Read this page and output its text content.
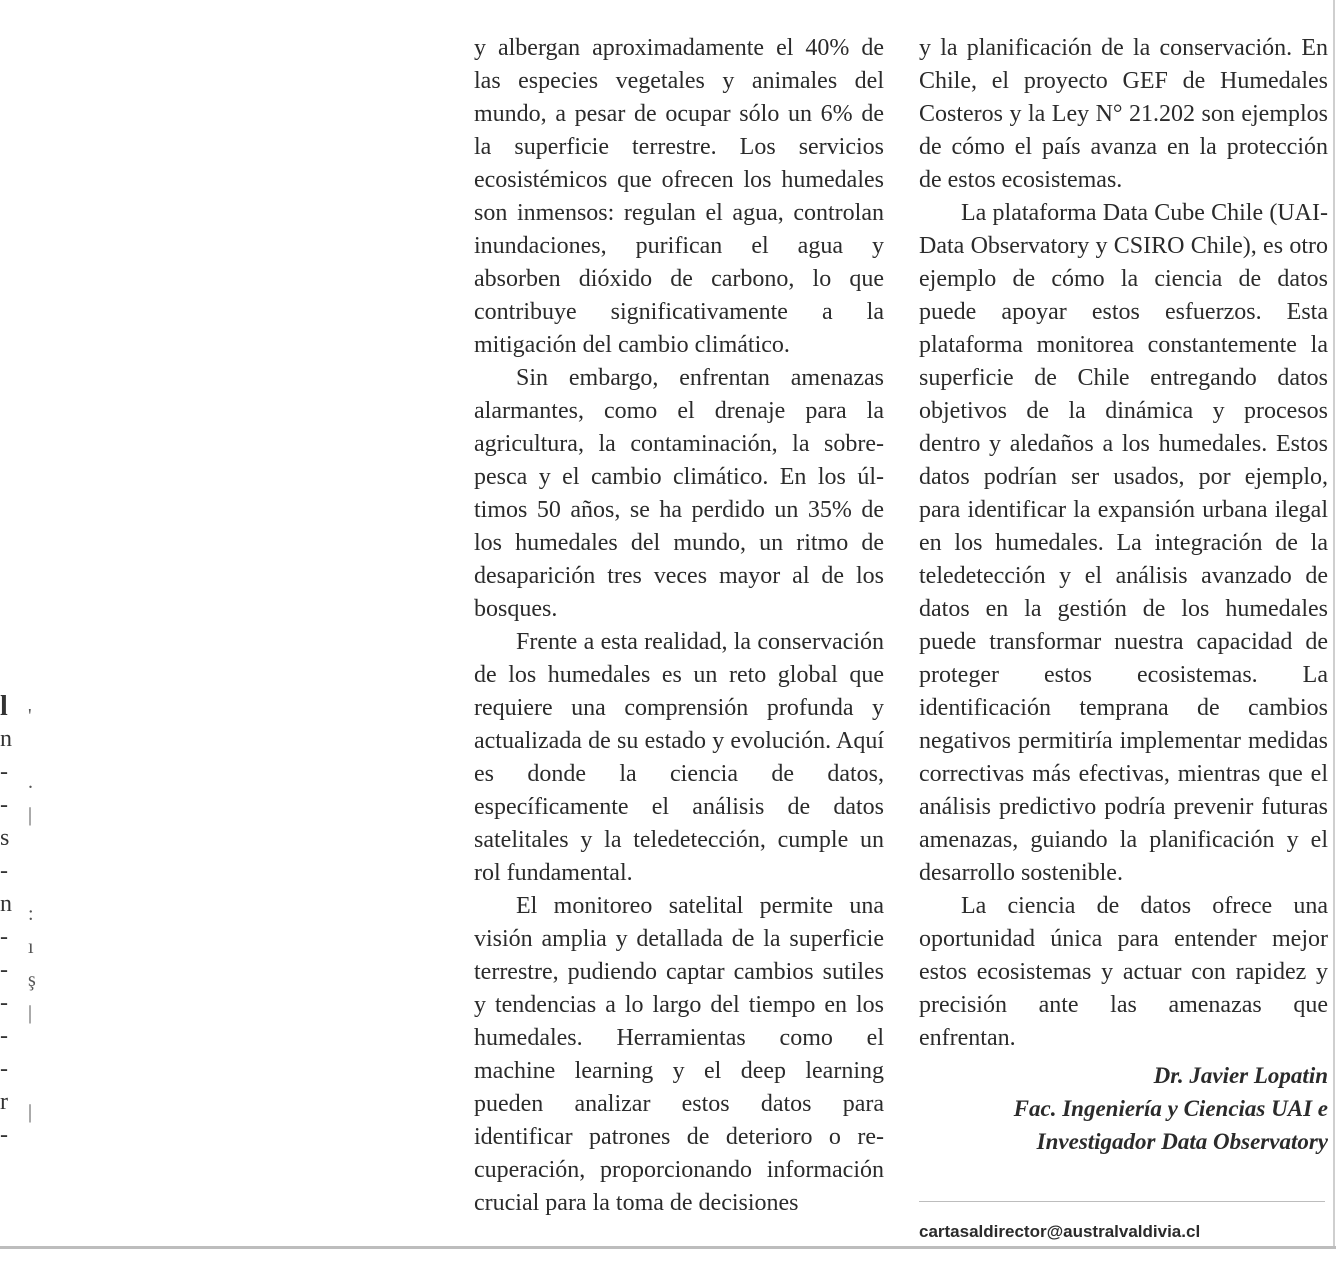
l
n
-
-
s
-
n
-
-
-
-
-
r
-
'
.
|
:
ı
ş
|
|

y albergan aproximadamente el 40% de las especies vegetales y animales del mundo, a pesar de ocupar sólo un 6% de la superficie terrestre. Los servicios ecosistémicos que ofrecen los humedales son inmensos: regulan el agua, controlan inundaciones, purifican el agua y absorben dióxido de carbono, lo que contribuye significativamente a la mitigación del cambio climático.

Sin embargo, enfrentan amenazas alarmantes, como el drenaje para la agricultura, la contaminación, la sobrepesca y el cambio climático. En los últimos 50 años, se ha perdido un 35% de los humedales del mundo, un ritmo de desaparición tres veces mayor al de los bosques.

Frente a esta realidad, la conservación de los humedales es un reto global que requiere una comprensión profunda y actualizada de su estado y evolución. Aquí es donde la ciencia de datos, específicamente el análisis de datos satelitales y la teledetección, cumple un rol fundamental.

El monitoreo satelital permite una visión amplia y detallada de la superficie terrestre, pudiendo captar cambios sutiles y tendencias a lo largo del tiempo en los humedales. Herramientas como el machine learning y el deep learning pueden analizar estos datos para identificar patrones de deterioro o recuperación, proporcionando información crucial para la toma de decisiones

y la planificación de la conservación. En Chile, el proyecto GEF de Humedales Costeros y la Ley N° 21.202 son ejemplos de cómo el país avanza en la protección de estos ecosistemas.

La plataforma Data Cube Chile (UAI-Data Observatory y CSIRO Chile), es otro ejemplo de cómo la ciencia de datos puede apoyar estos esfuerzos. Esta plataforma monitorea constantemente la superficie de Chile entregando datos objetivos de la dinámica y procesos dentro y aledaños a los humedales. Estos datos podrían ser usados, por ejemplo, para identificar la expansión urbana ilegal en los humedales. La integración de la teledetección y el análisis avanzado de datos en la gestión de los humedales puede transformar nuestra capacidad de proteger estos ecosistemas. La identificación temprana de cambios negativos permitiría implementar medidas correctivas más efectivas, mientras que el análisis predictivo podría prevenir futuras amenazas, guiando la planificación y el desarrollo sostenible.

La ciencia de datos ofrece una oportunidad única para entender mejor estos ecosistemas y actuar con rapidez y precisión ante las amenazas que enfrentan.

Dr. Javier Lopatin
Fac. Ingeniería y Ciencias UAI e
Investigador Data Observatory
cartasaldirector@australvaldivia.cl
